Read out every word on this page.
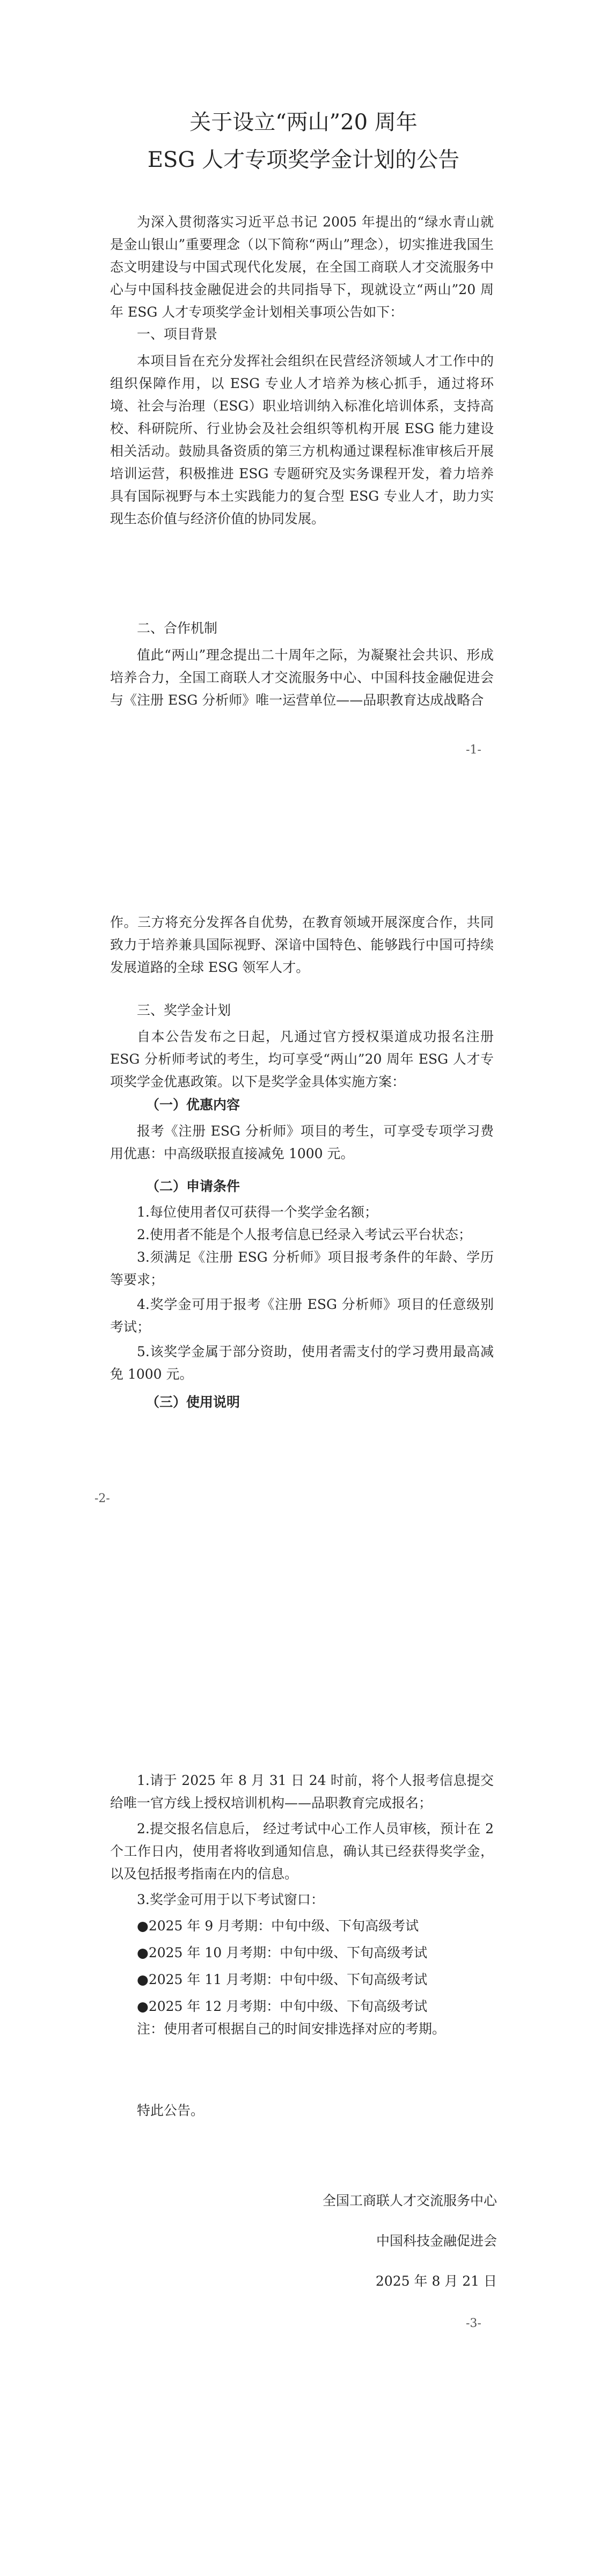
关于设立“两山”20 周年
ESG 人才专项奖学金计划的公告

为深入贯彻落实习近平总书记 2005 年提出的“绿水青山就是金山银山”重要理念（以下简称“两山”理念），切实推进我国生态文明建设与中国式现代化发展，在全国工商联人才交流服务中心与中国科技金融促进会的共同指导下，现就设立“两山”20 周年 ESG 人才专项奖学金计划相关事项公告如下：

一、项目背景

本项目旨在充分发挥社会组织在民营经济领域人才工作中的组织保障作用，以 ESG 专业人才培养为核心抓手，通过将环境、社会与治理（ESG）职业培训纳入标准化培训体系，支持高校、科研院所、行业协会及社会组织等机构开展 ESG 能力建设相关活动。鼓励具备资质的第三方机构通过课程标准审核后开展培训运营，积极推进 ESG 专题研究及实务课程开发，着力培养具有国际视野与本土实践能力的复合型 ESG 专业人才，助力实现生态价值与经济价值的协同发展。

二、合作机制

值此“两山”理念提出二十周年之际，为凝聚社会共识、形成培养合力，全国工商联人才交流服务中心、中国科技金融促进会与《注册 ESG 分析师》唯一运营单位——品职教育达成战略合

-1-

作。三方将充分发挥各自优势，在教育领域开展深度合作，共同致力于培养兼具国际视野、深谙中国特色、能够践行中国可持续发展道路的全球 ESG 领军人才。

三、奖学金计划

自本公告发布之日起，凡通过官方授权渠道成功报名注册 ESG 分析师考试的考生，均可享受“两山”20 周年 ESG 人才专项奖学金优惠政策。以下是奖学金具体实施方案：

（一）优惠内容

报考《注册 ESG 分析师》项目的考生，可享受专项学习费用优惠：中高级联报直接减免 1000 元。

（二）申请条件

1.每位使用者仅可获得一个奖学金名额；

2.使用者不能是个人报考信息已经录入考试云平台状态；

3.须满足《注册 ESG 分析师》项目报考条件的年龄、学历等要求；

4.奖学金可用于报考《注册 ESG 分析师》项目的任意级别考试；

5.该奖学金属于部分资助，使用者需支付的学习费用最高减免 1000 元。

（三）使用说明

-2-

1.请于 2025 年 8 月 31 日 24 时前，将个人报考信息提交给唯一官方线上授权培训机构——品职教育完成报名；

2.提交报名信息后， 经过考试中心工作人员审核，预计在 2 个工作日内，使用者将收到通知信息，确认其已经获得奖学金，以及包括报考指南在内的信息。

3.奖学金可用于以下考试窗口：

●2025 年 9 月考期：中旬中级、下旬高级考试

●2025 年 10 月考期：中旬中级、下旬高级考试

●2025 年 11 月考期：中旬中级、下旬高级考试

●2025 年 12 月考期：中旬中级、下旬高级考试

注：使用者可根据自己的时间安排选择对应的考期。

特此公告。

全国工商联人才交流服务中心

中国科技金融促进会

2025 年 8 月 21 日

-3-
